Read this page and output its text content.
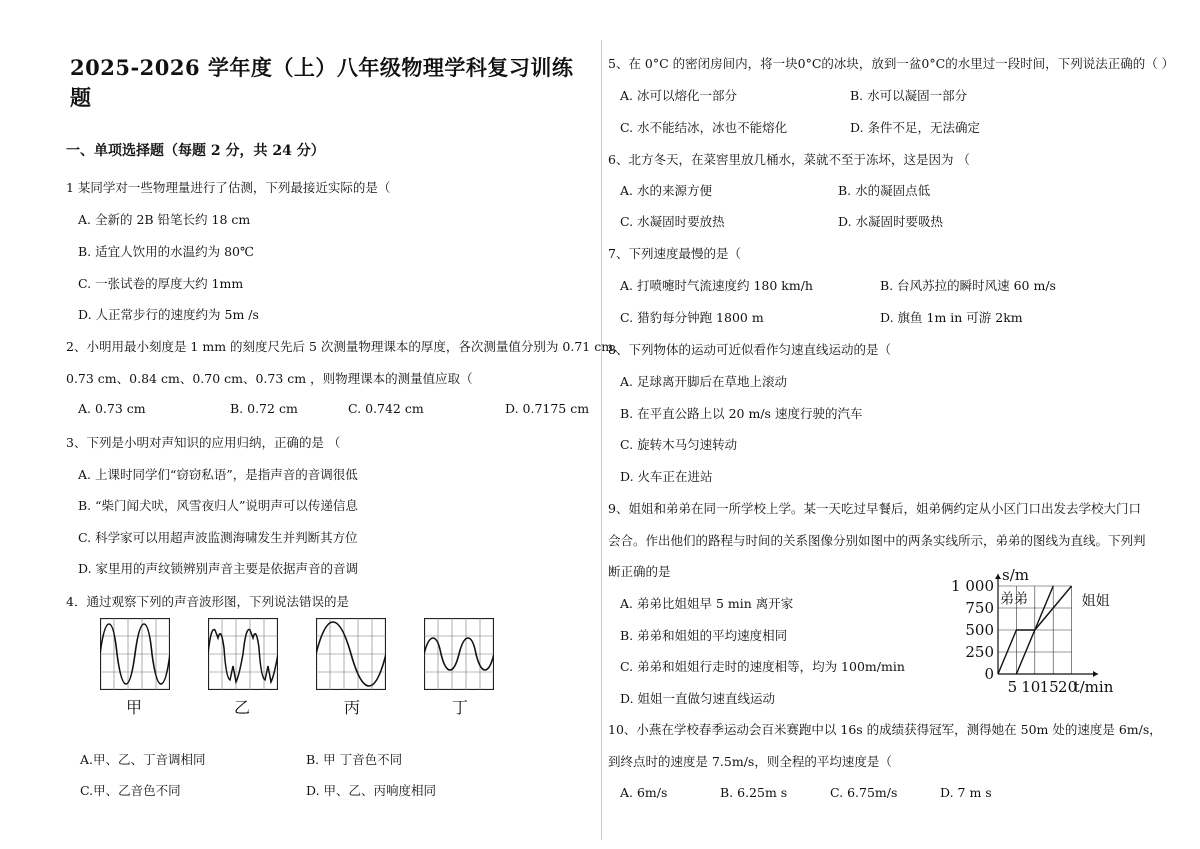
2025-2026 学年度（上）八年级物理学科复习训练题
一、单项选择题（每题 2 分，共 24 分）
1 某同学对一些物理量进行了估测，下列最接近实际的是（
A. 全新的 2B 铅笔长约 18 cm
B. 适宜人饮用的水温约为 80℃
C. 一张试卷的厚度大约 1mm
D. 人正常步行的速度约为 5m /s
2、小明用最小刻度是 1 mm 的刻度尺先后 5 次测量物理课本的厚度，各次测量值分别为 0.71 cm、
0.73 cm、0.84 cm、0.70 cm、0.73 cm ，则物理课本的测量值应取（
A. 0.73 cm	B. 0.72 cm	C. 0.742 cm	D. 0.7175 cm
3、下列是小明对声知识的应用归纳，正确的是 （
A. 上课时同学们“窃窃私语”，是指声音的音调很低
B. “柴门闻犬吠，风雪夜归人”说明声可以传递信息
C. 科学家可以用超声波监测海啸发生并判断其方位
D. 家里用的声纹锁辨别声音主要是依据声音的音调
4．通过观察下列的声音波形图，下列说法错误的是
甲	乙	丙	丁
A.甲、乙、丁音调相同	B. 甲 丁音色不同
C.甲、乙音色不同	D. 甲、乙、丙响度相同
5、在 0°C 的密闭房间内，将一块0°C的冰块，放到一盆0°C的水里过一段时间，下列说法正确的（ ）
A. 冰可以熔化一部分	B. 水可以凝固一部分
C. 水不能结冰，冰也不能熔化	D. 条件不足，无法确定
6、北方冬天，在菜窖里放几桶水，菜就不至于冻坏，这是因为 （
A. 水的来源方便	B. 水的凝固点低
C. 水凝固时要放热	D. 水凝固时要吸热
7、下列速度最慢的是（
A. 打喷嚏时气流速度约 180 km/h	B. 台风苏拉的瞬时风速 60 m/s
C. 猎豹每分钟跑 1800 m	D. 旗鱼 1m in 可游 2km
8、下列物体的运动可近似看作匀速直线运动的是（
A. 足球离开脚后在草地上滚动
B. 在平直公路上以 20 m/s 速度行驶的汽车
C. 旋转木马匀速转动
D. 火车正在进站
9、姐姐和弟弟在同一所学校上学。某一天吃过早餐后，姐弟俩约定从小区门口出发去学校大门口
会合。作出他们的路程与时间的关系图像分别如图中的两条实线所示，弟弟的图线为直线。下列判
断正确的是
A. 弟弟比姐姐早 5 min 离开家
B. 弟弟和姐姐的平均速度相同
C. 弟弟和姐姐行走时的速度相等，均为 100m/min
D. 姐姐一直做匀速直线运动
1 000
750
500
250
0
5 10 15 20
s/m
t/min
弟弟	姐姐
10、小燕在学校春季运动会百米赛跑中以 16s 的成绩获得冠军，测得她在 50m 处的速度是 6m/s，
到终点时的速度是 7.5m/s，则全程的平均速度是（
A. 6m/s	B. 6.25m s	C. 6.75m/s	D. 7 m s
